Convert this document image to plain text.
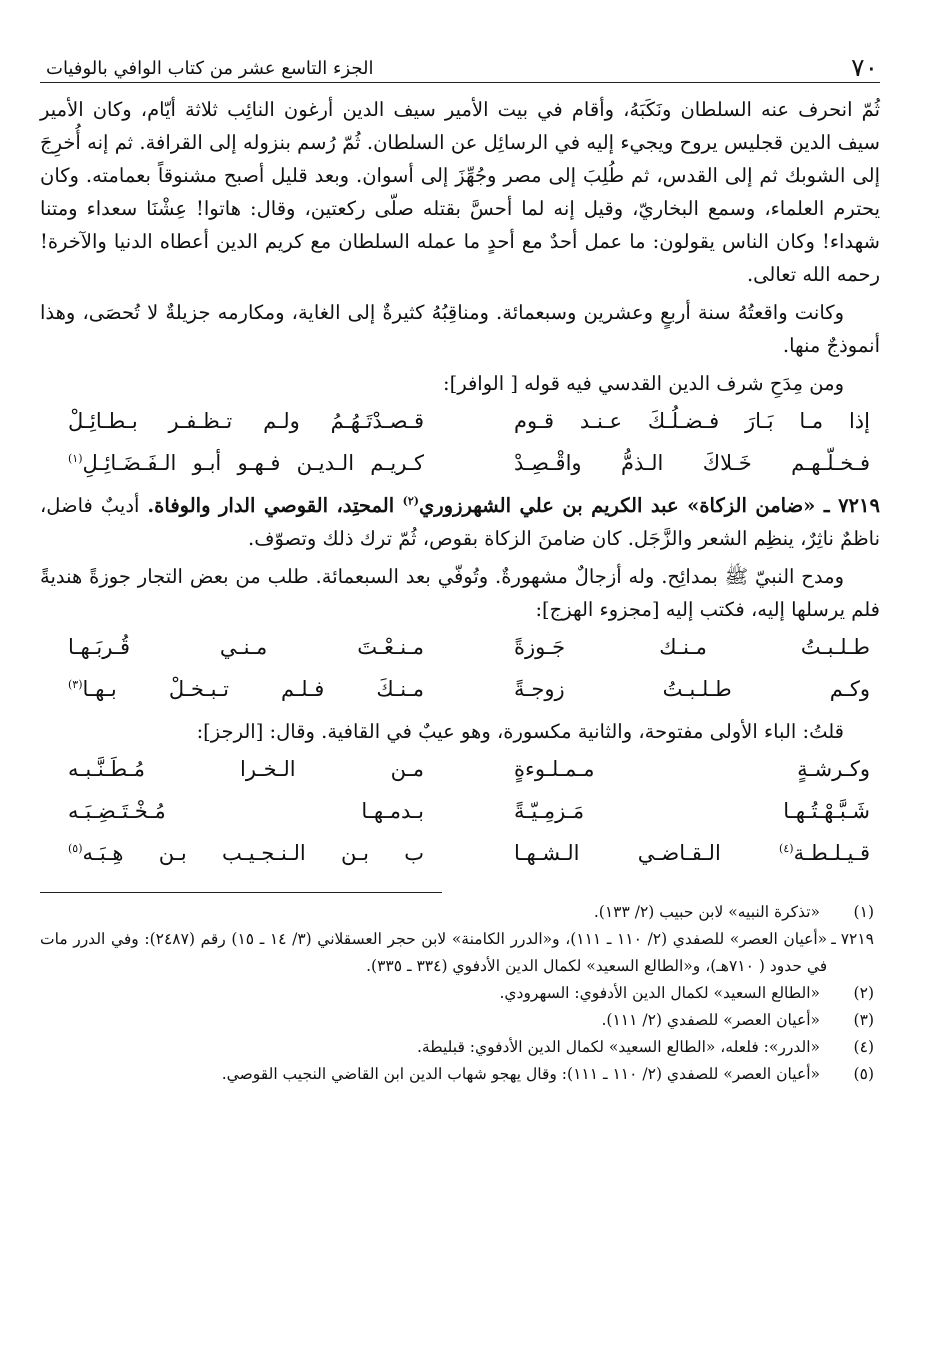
٧٠
الجزء التاسع عشر من كتاب الوافي بالوفيات

ثُمّ انحرف عنه السلطان ونَكَبَهُ، وأقام في بيت الأمير سيف الدين أرغون النائِب ثلاثة أيّام، وكان الأمير سيف الدين قجليس يروح ويجيء إليه في الرسائِل عن السلطان. ثُمّ رُسم بنزوله إلى القرافة. ثم إنه أُخرِجَ إلى الشوبك ثم إلى القدس، ثم طُلِبَ إلى مصر وجُهِّزَ إلى أسوان. وبعد قليل أصبح مشنوقاً بعمامته. وكان يحترم العلماء، وسمع البخاريّ، وقيل إنه لما أحسَّ بقتله صلّى ركعتين، وقال: هاتوا! عِشْنَا سعداء ومتنا شهداء! وكان الناس يقولون: ما عمل أحدٌ مع أحدٍ ما عمله السلطان مع كريم الدين أعطاه الدنيا والآخرة! رحمه الله تعالى.

وكانت واقعتُهُ سنة أربعٍ وعشرين وسبعمائة. ومناقِبُهُ كثيرةٌ إلى الغاية، ومكارمه جزيلةٌ لا تُحصَى، وهذا أنموذجٌ منها.

ومن مِدَحِ شرف الدين القدسي فيه قوله [ الوافر]:

إذا مـا بَـارَ فـضـلُـكَ عـنـد قـوم
قـصـدْتَـهُـمُ ولـم تـظـفـر بـطـائِـلْ
فـخـلّـهـم خَـلاكَ الـذمُّ واقْـصِـدْ
كـريـم الـديـن فـهـو أبـو الـفَـضَـائِـلِ$^{(١)}$

٧٢١٩ ـ «ضامن الزكاة» عبد الكريم بن علي الشهرزوري$^{(٢)}$ المحتِد، القوصي الدار والوفاة. أديبٌ فاضل، ناظمٌ ناثِرٌ، ينظِم الشعر والزَّجَل. كان ضامنَ الزكاة بقوص، ثُمّ ترك ذلك وتصوّف.

ومدح النبيّ ﷺ بمدائِح. وله أزجالٌ مشهورةٌ. وتُوفّي بعد السبعمائة. طلب من بعض التجار جوزةً هنديةً فلم يرسلها إليه، فكتب إليه [مجزوء الهزج]:

طـلـبـتُ مـنـك جَـوزةً
مـنـعْـتَ مـنـي قُـربَـهـا
وكـم طـلـبـتُ زوجـةً
مـنـكَ فـلـم تـبـخـلْ بـهـا$^{(٣)}$

قلتُ: الباء الأولى مفتوحة، والثانية مكسورة، وهو عيبٌ في القافية. وقال: [الرجز]:

وكـرشـةٍ مـمـلـوءةٍ
مـن الـخـرا مُـطَـنَّـبـه
شَـبَّـهْـتُـهـا مَـزمِـيّـةً
بـدمـهـا مُـخْـتَـضِـبَـه
قـيـلـطـة$^{(٤)}$ الـقـاضـي الـشـهـا
ب بـن الـنـجـيـب بـن هِـبَـه$^{(٥)}$
(١)
«تذكرة النبيه» لابن حبيب (٢/ ١٣٣).
٧٢١٩ ـ
«أعيان العصر» للصفدي (٢/ ١١٠ ـ ١١١)، و«الدرر الكامنة» لابن حجر العسقلاني (٣/ ١٤ ـ ١٥) رقم (٢٤٨٧): وفي الدرر مات في حدود ( ٧١٠هـ)، و«الطالع السعيد» لكمال الدين الأدفوي (٣٣٤ ـ ٣٣٥).
(٢)
«الطالع السعيد» لكمال الدين الأدفوي: السهرودي.
(٣)
«أعيان العصر» للصفدي (٢/ ١١١).
(٤)
«الدرر»: فلعله، «الطالع السعيد» لكمال الدين الأدفوي: قبليطة.
(٥)
«أعيان العصر» للصفدي (٢/ ١١٠ ـ ١١١): وقال يهجو شهاب الدين ابن القاضي النجيب القوصي.
